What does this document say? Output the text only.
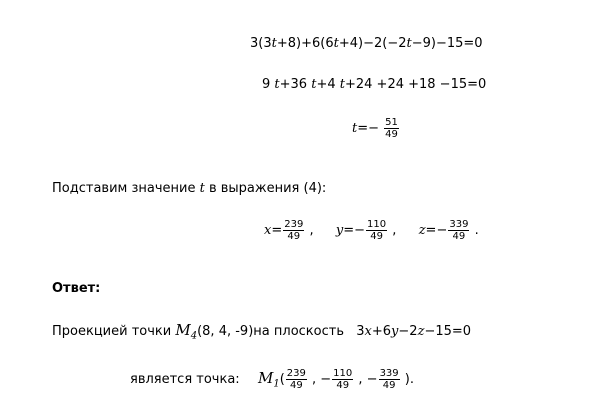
3(3t+8)+6(6t+4)−2(−2t−9)−15=0
9 t+36 t+4 t+24 +24 +18 −15=0
$t=- \frac{51}{49}$
Подставим значение t в выражения (4):
$x= \frac{239}{49}$ , $y=- \frac{110}{49}$ , $z=- \frac{339}{49}$ .
Ответ:
Проекцией точки $M_4(8$, 4, -9)на плоскость  3x+6y−2z−15=0
является точка:  $M_1( \frac{239}{49}$ , − $\frac{110}{49}$ , − $\frac{339}{49}$ ).
